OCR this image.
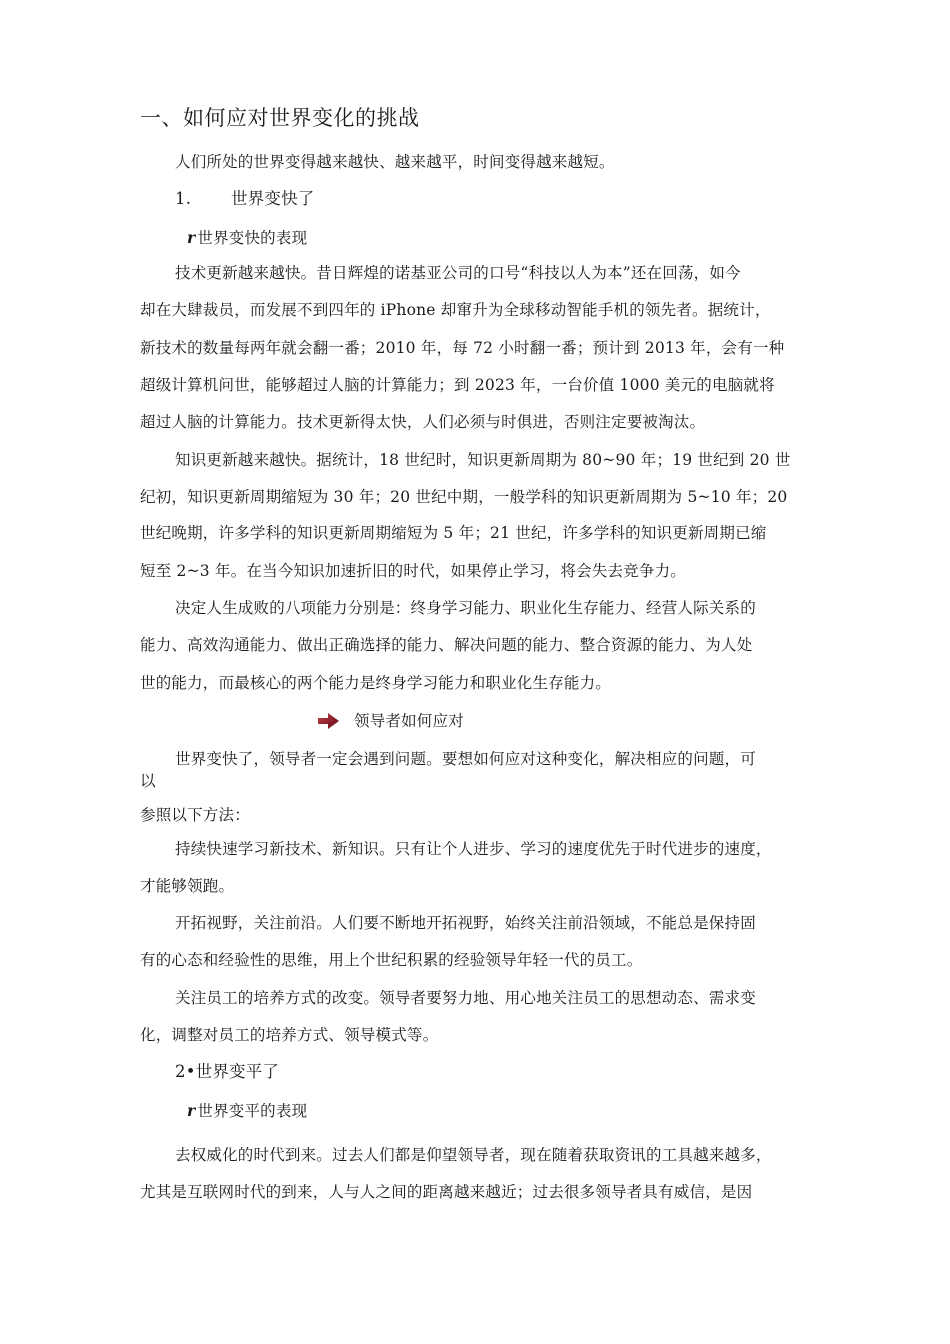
一、如何应对世界变化的挑战
人们所处的世界变得越来越快、越来越平，时间变得越来越短。
1. 世界变快了
r 世界变快的表现
技术更新越来越快。昔日辉煌的诺基亚公司的口号“科技以人为本”还在回荡，如今
却在大肆裁员，而发展不到四年的 iPhone 却窜升为全球移动智能手机的领先者。据统计，
新技术的数量每两年就会翻一番；2010 年，每 72 小时翻一番；预计到 2013 年，会有一种
超级计算机问世，能够超过人脑的计算能力；到 2023 年，一台价值 1000 美元的电脑就将
超过人脑的计算能力。技术更新得太快，人们必须与时俱进，否则注定要被淘汰。
知识更新越来越快。据统计，18 世纪时，知识更新周期为 80~90 年；19 世纪到 20 世
纪初，知识更新周期缩短为 30 年；20 世纪中期，一般学科的知识更新周期为 5~10 年；20
世纪晚期，许多学科的知识更新周期缩短为 5 年；21 世纪，许多学科的知识更新周期已缩
短至 2~3 年。在当今知识加速折旧的时代，如果停止学习，将会失去竞争力。
决定人生成败的八项能力分别是：终身学习能力、职业化生存能力、经营人际关系的
能力、高效沟通能力、做出正确选择的能力、解决问题的能力、整合资源的能力、为人处
世的能力，而最核心的两个能力是终身学习能力和职业化生存能力。
领导者如何应对
世界变快了，领导者一定会遇到问题。要想如何应对这种变化，解决相应的问题，可
以
参照以下方法：
持续快速学习新技术、新知识。只有让个人进步、学习的速度优先于时代进步的速度，
才能够领跑。
开拓视野，关注前沿。人们要不断地开拓视野，始终关注前沿领域，不能总是保持固
有的心态和经验性的思维，用上个世纪积累的经验领导年轻一代的员工。
关注员工的培养方式的改变。领导者要努力地、用心地关注员工的思想动态、需求变
化，调整对员工的培养方式、领导模式等。
2•世界变平了
r 世界变平的表现
去权威化的时代到来。过去人们都是仰望领导者，现在随着获取资讯的工具越来越多，
尤其是互联网时代的到来，人与人之间的距离越来越近；过去很多领导者具有威信，是因
